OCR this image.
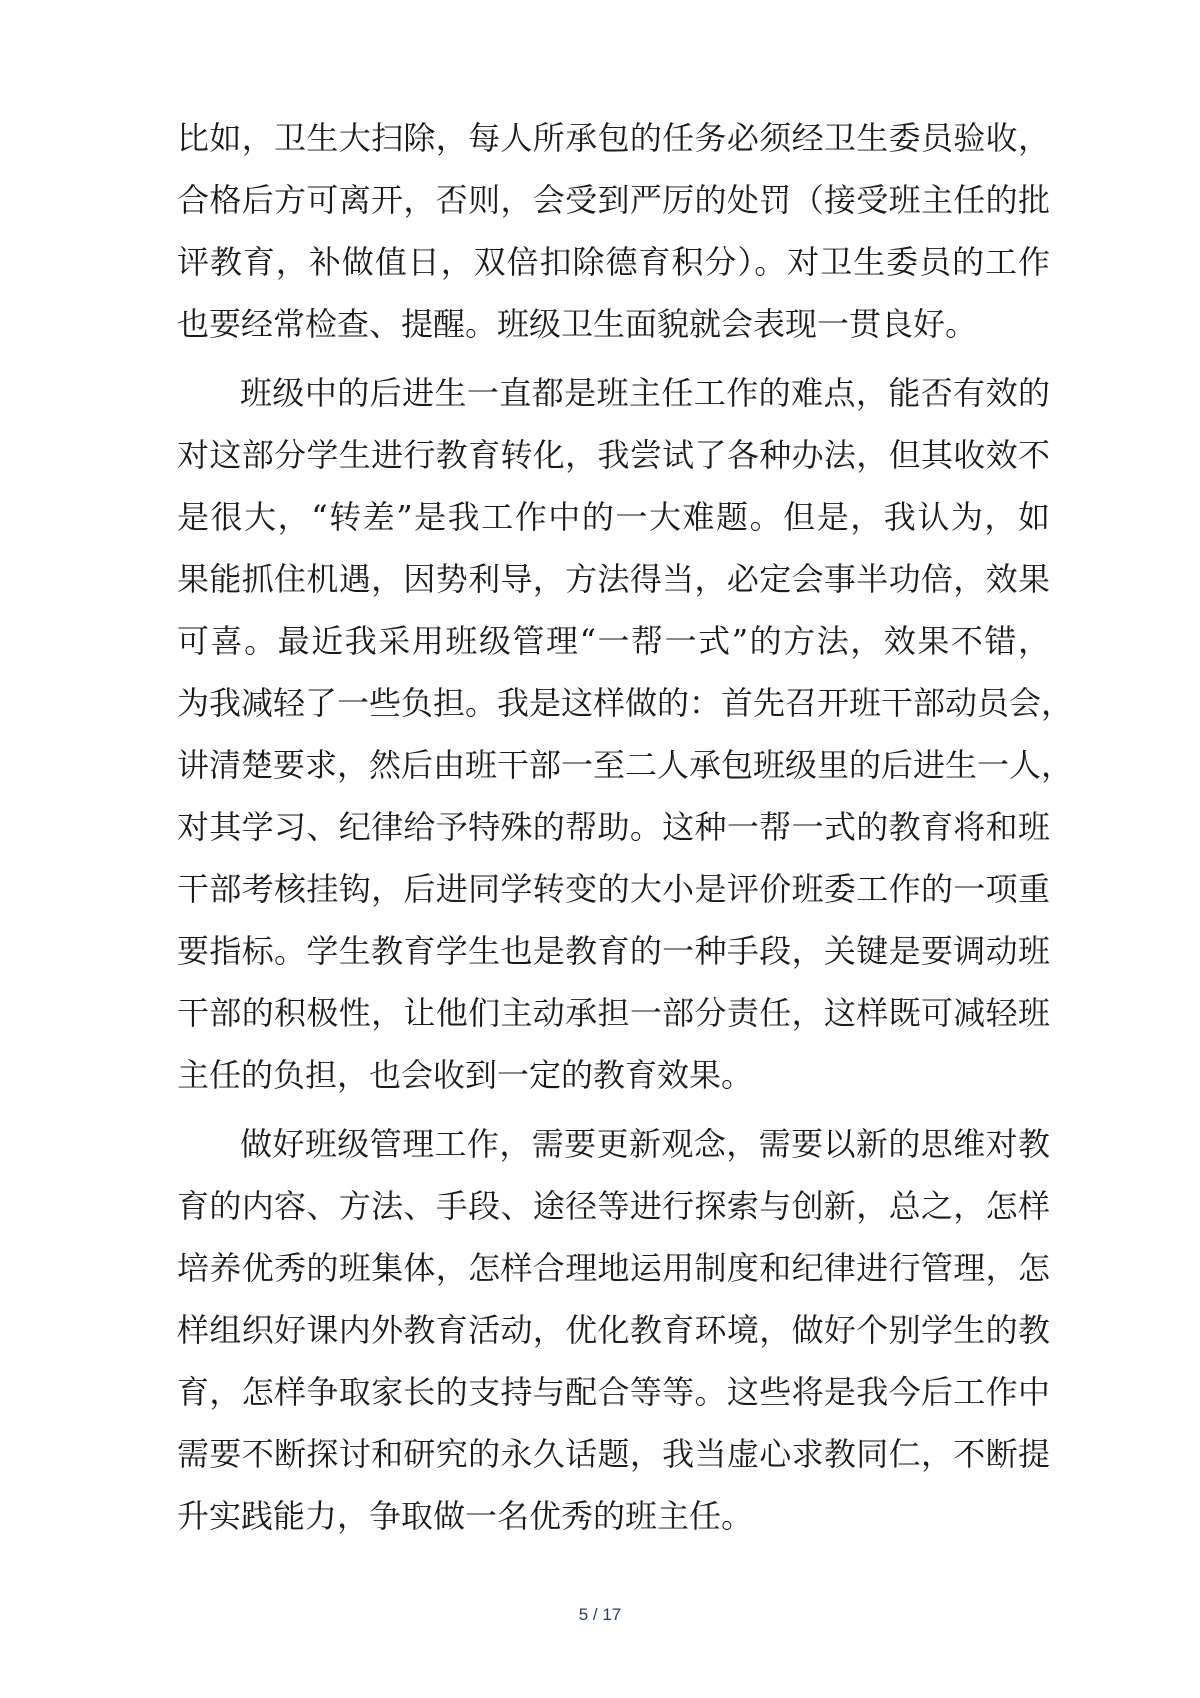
比如，卫生大扫除，每人所承包的任务必须经卫生委员验收，
合格后方可离开，否则，会受到严厉的处罚（接受班主任的批
评教育，补做值日，双倍扣除德育积分）。对卫生委员的工作
也要经常检查、提醒。班级卫生面貌就会表现一贯良好。
班级中的后进生一直都是班主任工作的难点，能否有效的
对这部分学生进行教育转化，我尝试了各种办法，但其收效不
是很大，“转差”是我工作中的一大难题。但是，我认为，如
果能抓住机遇，因势利导，方法得当，必定会事半功倍，效果
可喜。最近我采用班级管理“一帮一式”的方法，效果不错，
为我减轻了一些负担。我是这样做的：首先召开班干部动员会，
讲清楚要求，然后由班干部一至二人承包班级里的后进生一人，
对其学习、纪律给予特殊的帮助。这种一帮一式的教育将和班
干部考核挂钩，后进同学转变的大小是评价班委工作的一项重
要指标。学生教育学生也是教育的一种手段，关键是要调动班
干部的积极性，让他们主动承担一部分责任，这样既可减轻班
主任的负担，也会收到一定的教育效果。
做好班级管理工作，需要更新观念，需要以新的思维对教
育的内容、方法、手段、途径等进行探索与创新，总之，怎样
培养优秀的班集体，怎样合理地运用制度和纪律进行管理，怎
样组织好课内外教育活动，优化教育环境，做好个别学生的教
育，怎样争取家长的支持与配合等等。这些将是我今后工作中
需要不断探讨和研究的永久话题，我当虚心求教同仁，不断提
升实践能力，争取做一名优秀的班主任。
5 / 17
